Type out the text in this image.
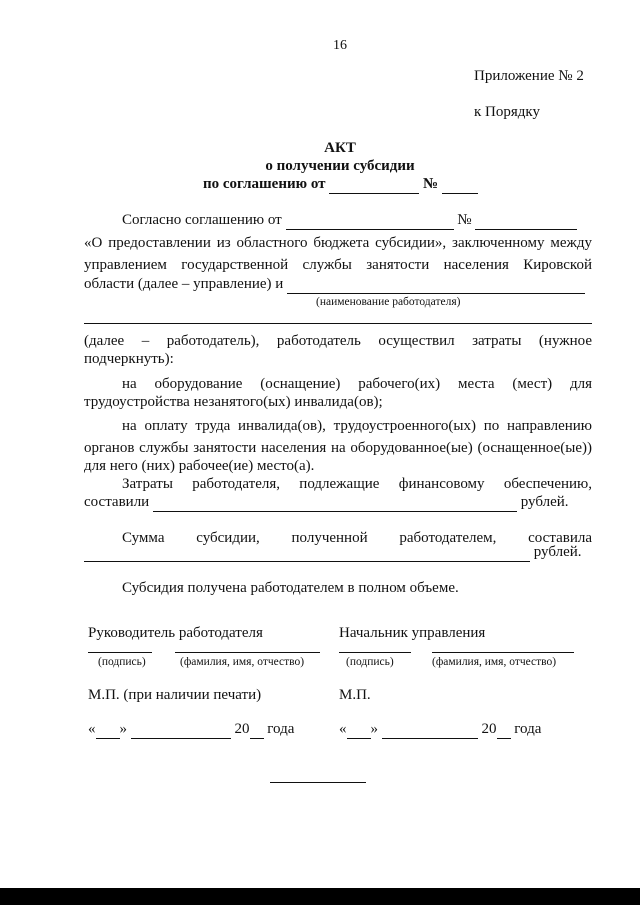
16
Приложение № 2
к Порядку
АКТ
о получении субсидии
по соглашению от	№
Согласно соглашению от	№
«О предоставлении из областного бюджета субсидии», заключенному между
управлением государственной службы занятости населения Кировской
области (далее – управление) и
(наименование работодателя)
(далее – работодатель), работодатель осуществил затраты (нужное
подчеркнуть):
на оборудование (оснащение) рабочего(их) места (мест) для
трудоустройства незанятого(ых) инвалида(ов);
на оплату труда инвалида(ов), трудоустроенного(ых) по направлению
органов службы занятости населения на оборудованное(ые) (оснащенное(ые))
для него (них) рабочее(ие) место(а).
Затраты работодателя, подлежащие финансовому обеспечению,
составили	рублей.
Сумма субсидии, полученной работодателем, составила
рублей.
Субсидия получена работодателем в полном объеме.
Руководитель работодателя	Начальник управления
(подпись)	(фамилия, имя, отчество)	(подпись)	(фамилия, имя, отчество)
М.П. (при наличии печати)	М.П.
« »	20 года	« »	20 года
